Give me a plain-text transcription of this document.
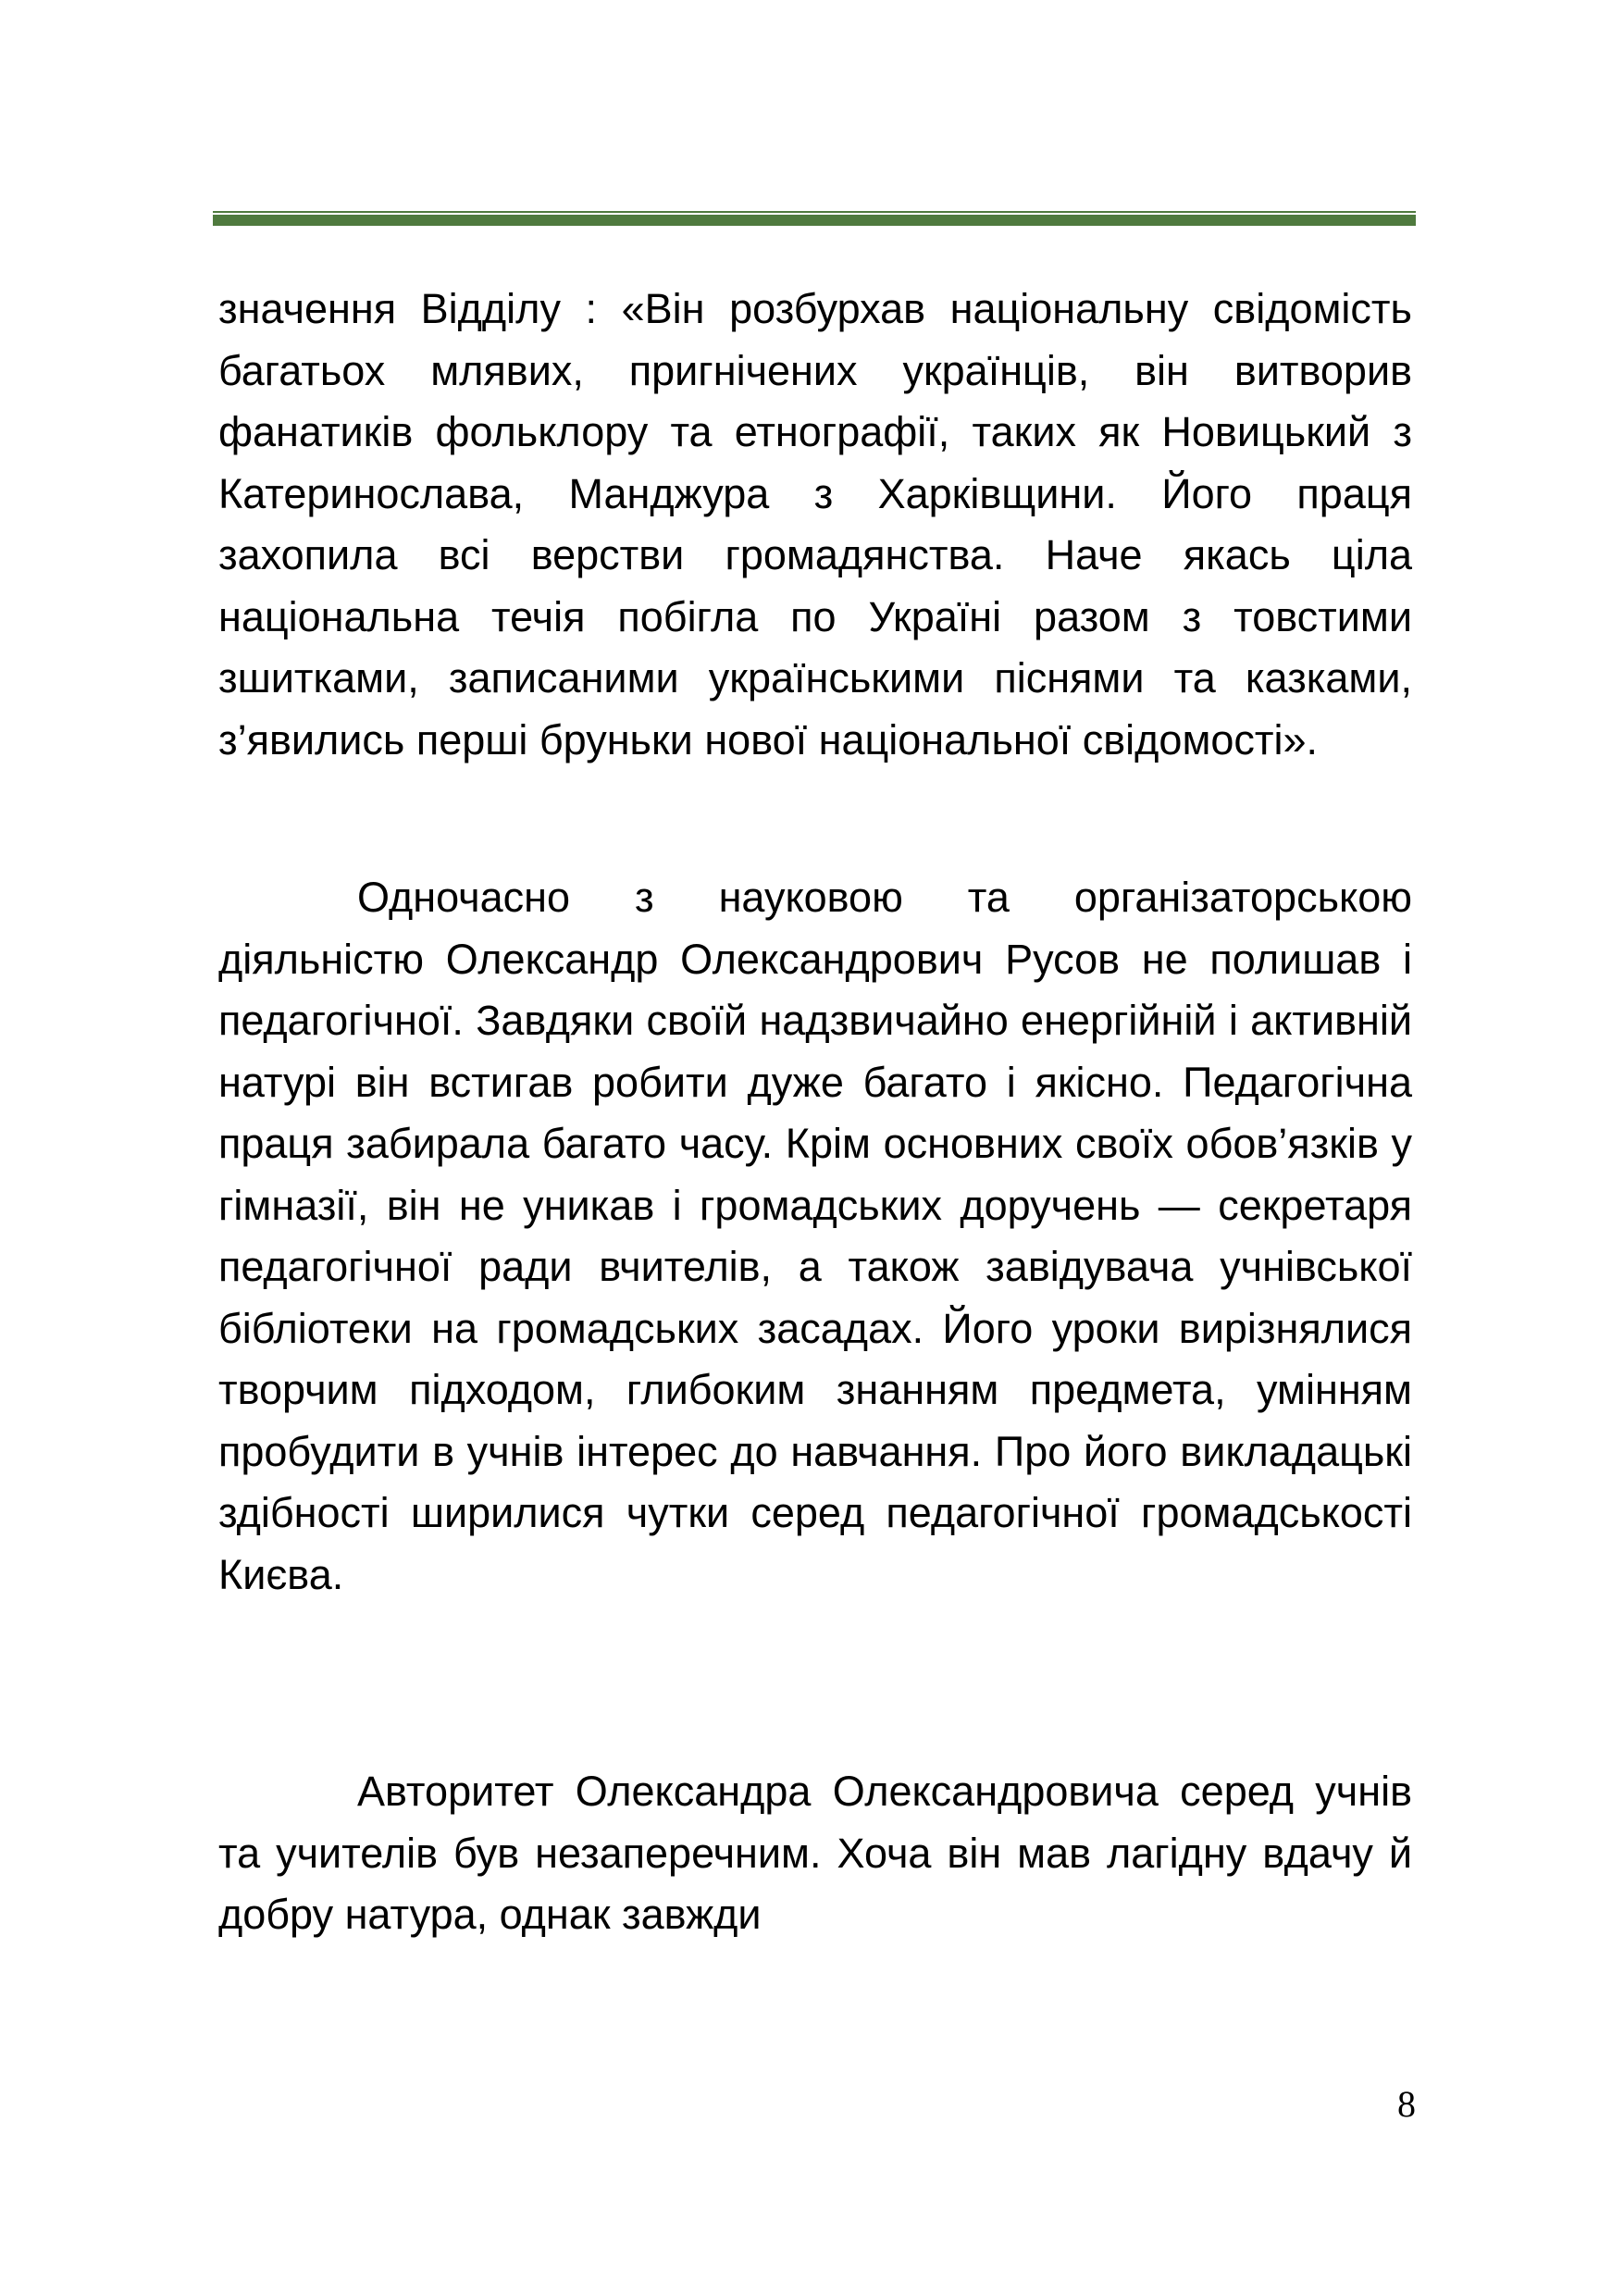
значення Відділу : «Він розбурхав національну свідомість багатьох млявих, пригнічених українців, він витворив фанатиків фольклору та етнографії, таких як Новицький з Катеринослава, Манджура з Харківщини. Його праця захопила всі верстви громадянства. Наче якась ціла національна течія побігла по Україні разом з товстими зшитками, записаними українськими піснями та казками, з’явились перші бруньки нової національної свідомості».

Одночасно з науковою та організаторською діяльністю Олександр Олександрович Русов не полишав і педагогічної. Завдяки своїй надзвичайно енергійній і активній натурі він встигав робити дуже багато і якісно. Педагогічна праця забирала багато часу. Крім основних своїх обов’язків у гімназії, він не уникав і громадських доручень — секретаря педагогічної ради вчителів, а також завідувача учнівської бібліотеки на громадських засадах. Його уроки вирізнялися творчим підходом, глибоким знанням предмета, умінням пробудити в учнів інтерес до навчання. Про його викладацькі здібності ширилися чутки серед педагогічної громадськості Києва.

Авторитет Олександра Олександровича серед учнів та учителів був незаперечним. Хоча він мав лагідну вдачу й добру натура, однак завжди

8
